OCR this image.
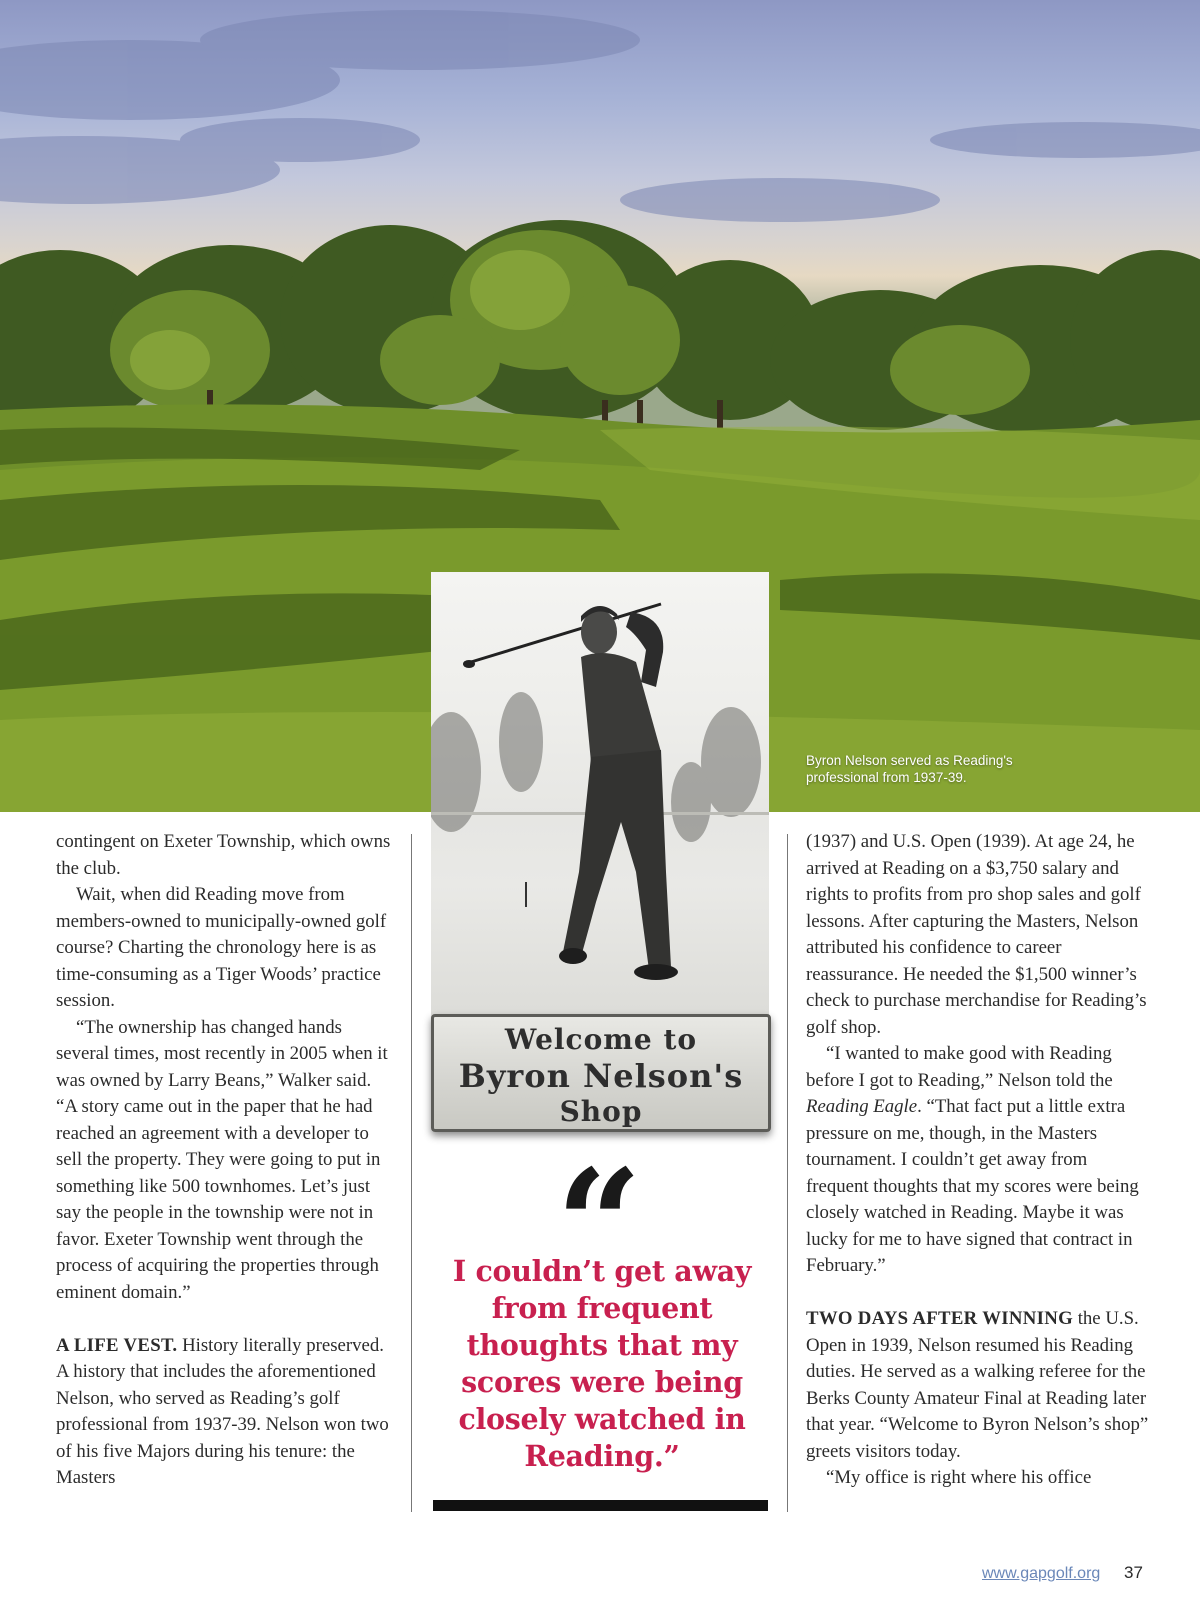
Byron Nelson served as Reading's
professional from 1937-39.
Welcome to
Byron Nelson's
Shop
“
I couldn’t get away from frequent thoughts that my scores were being closely watched in Reading.”

contingent on Exeter Township, which owns the club.

Wait, when did Reading move from members-owned to municipally-owned golf course? Charting the chronology here is as time-consuming as a Tiger Woods’ practice session.

“The ownership has changed hands several times, most recently in 2005 when it was owned by Larry Beans,” Walker said. “A story came out in the paper that he had reached an agreement with a developer to sell the property. They were going to put in something like 500 townhomes. Let’s just say the people in the township were not in favor. Exeter Township went through the process of acquiring the properties through eminent domain.”

A LIFE VEST. History literally preserved. A history that includes the aforementioned Nelson, who served as Reading’s golf professional from 1937-39. Nelson won two of his five Majors during his tenure: the Masters

(1937) and U.S. Open (1939). At age 24, he arrived at Reading on a $3,750 salary and rights to profits from pro shop sales and golf lessons. After capturing the Masters, Nelson attributed his confidence to career reassurance. He needed the $1,500 winner’s check to purchase merchandise for Reading’s golf shop.

“I wanted to make good with Reading before I got to Reading,” Nelson told the Reading Eagle. “That fact put a little extra pressure on me, though, in the Masters tournament. I couldn’t get away from frequent thoughts that my scores were being closely watched in Reading. Maybe it was lucky for me to have signed that contract in February.”

TWO DAYS AFTER WINNING the U.S. Open in 1939, Nelson resumed his Reading duties. He served as a walking referee for the Berks County Amateur Final at Reading later that year. “Welcome to Byron Nelson’s shop” greets visitors today.

“My office is right where his office

www.gapgolf.org 37
